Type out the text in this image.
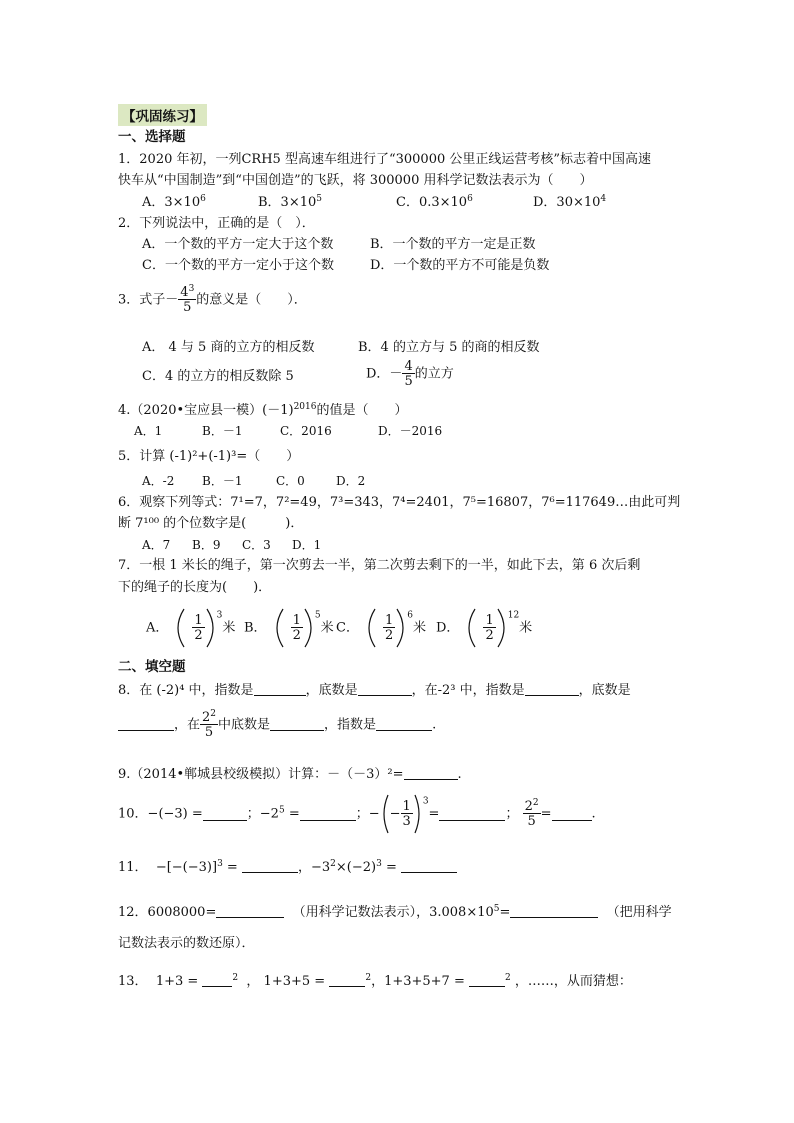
【巩固练习】
一、选择题
1．2020 年初，一列CRH5 型高速车组进行了“300000 公里正线运营考核”标志着中国高速
快车从“中国制造”到“中国创造”的飞跃，将 300000 用科学记数法表示为（　　）
A．$3\times 10^6$	B．$3\times 10^5$	C．$0.3\times 10^6$	D．$30\times 10^4$
2．下列说法中，正确的是（　）．
A．一个数的平方一定大于这个数	B．一个数的平方一定是正数
C．一个数的平方一定小于这个数	D．一个数的平方不可能是负数
3．式子－ $\frac{4^3}{5}$ 的意义是（　　）．
A． 4 与 5 商的立方的相反数	B．4 的立方与 5 的商的相反数
C．4 的立方的相反数除 5	D．－ $\frac{4}{5}$ 的立方
4.（2020•宝应县一模）$(-1)^{2016}$的值是（　　）
A．1	B．－1	C．2016	D．－2016
5．计算 (-1)²+(-1)³=（　　）
A．-2 B．－1	C．0	D．2
6．观察下列等式：7¹=7，7²=49，7³=343，7⁴=2401，7⁵=16807，7⁶=117649…由此可判
断 7¹⁰⁰ 的个位数字是(　　　)．
A．7 B．9 C．3 D．1
7．一根 1 米长的绳子，第一次剪去一半，第二次剪去剩下的一半，如此下去，第 6 次后剩
下的绳子的长度为(　　)．
A． $\frac{1}{2} ^3$米 B． $\frac{1}{2} ^5$米 C． $\frac{1}{2} ^6$米 D． $\frac{1}{2} ^{12}$米
二、填空题
8．在 (-2)⁴ 中，指数是	，底数是	，在-2³ 中，指数是	，底数是
，在 $\frac{2^2}{5}$ 中底数是	，指数是	.
9.（2014•郸城县校级模拟）计算：－（－3）²=	.
10．−(−3) =	；$-2^5$ =	；− − $\frac{1}{3} ^3=$	； $\frac{2^2}{5}$ =	.
11． $-[-(-3)]^3$ =	，$-3^2\times(-2)^3$ =
12．6008000=	（用科学记数法表示），$3.008\times 10^5=$	（把用科学
记数法表示的数还原）．
13． 1+3 =	$^2$ ， 1+3+5 =	$^2$，1+3+5+7 =	$^2$ ，……，从而猜想：
